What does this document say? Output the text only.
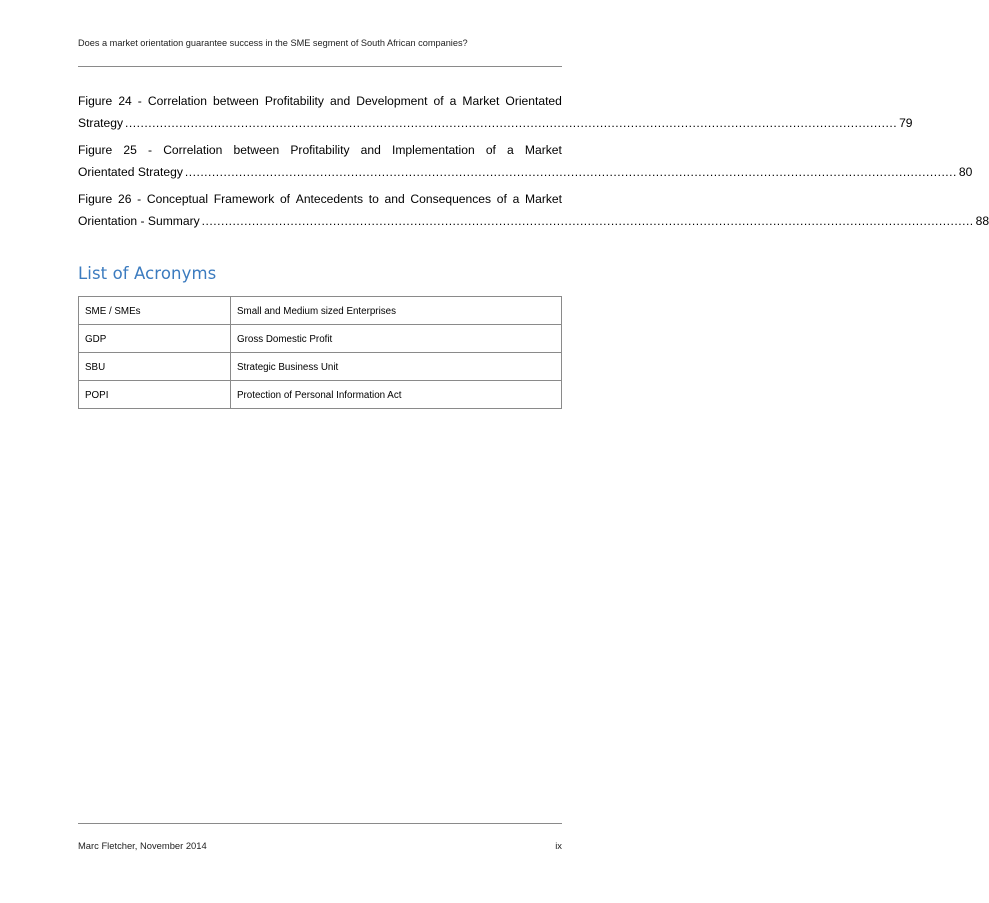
Does a market orientation guarantee success in the SME segment of South African companies?
Figure 24 - Correlation between Profitability and Development of a Market Orientated
Strategy ........................................................................................................................................................................................................ 79
Figure 25 - Correlation between Profitability and Implementation of a Market
Orientated Strategy ........................................................................................................................................................................................................ 80
Figure 26 - Conceptual Framework of Antecedents to and Consequences of a Market
Orientation - Summary ........................................................................................................................................................................................................ 88
List of Acronyms
SME / SMEs	Small and Medium sized Enterprises
GDP	Gross Domestic Profit
SBU	Strategic Business Unit
POPI	Protection of Personal Information Act
Marc Fletcher, November 2014	ix
